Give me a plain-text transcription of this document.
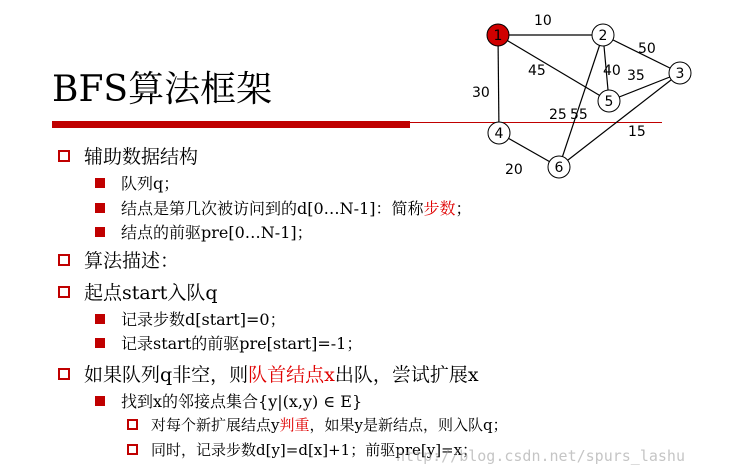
BFS算法框架
10
50
45	40 35
30
25 55
15
20
1	2
3
4
5
6
辅助数据结构
队列q；
结点是第几次被访问到的d[0…N-1]：简称 步数 ；
结点的前驱pre[0…N-1]；
算法描述：
起点start入队q
记录步数d[start]=0；
记录start的前驱pre[start]=-1；
如果队列q非空，则 队首结点x 出队，尝试扩展x
找到x的邻接点集合{y|(x,y) ∈ E}
对每个新扩展结点y 判重 ，如果y是新结点，则入队q；
同时，记录步数d[y]=d[x]+1；前驱pre[y]=x；
http://blog.csdn.net/spurs_lashu
